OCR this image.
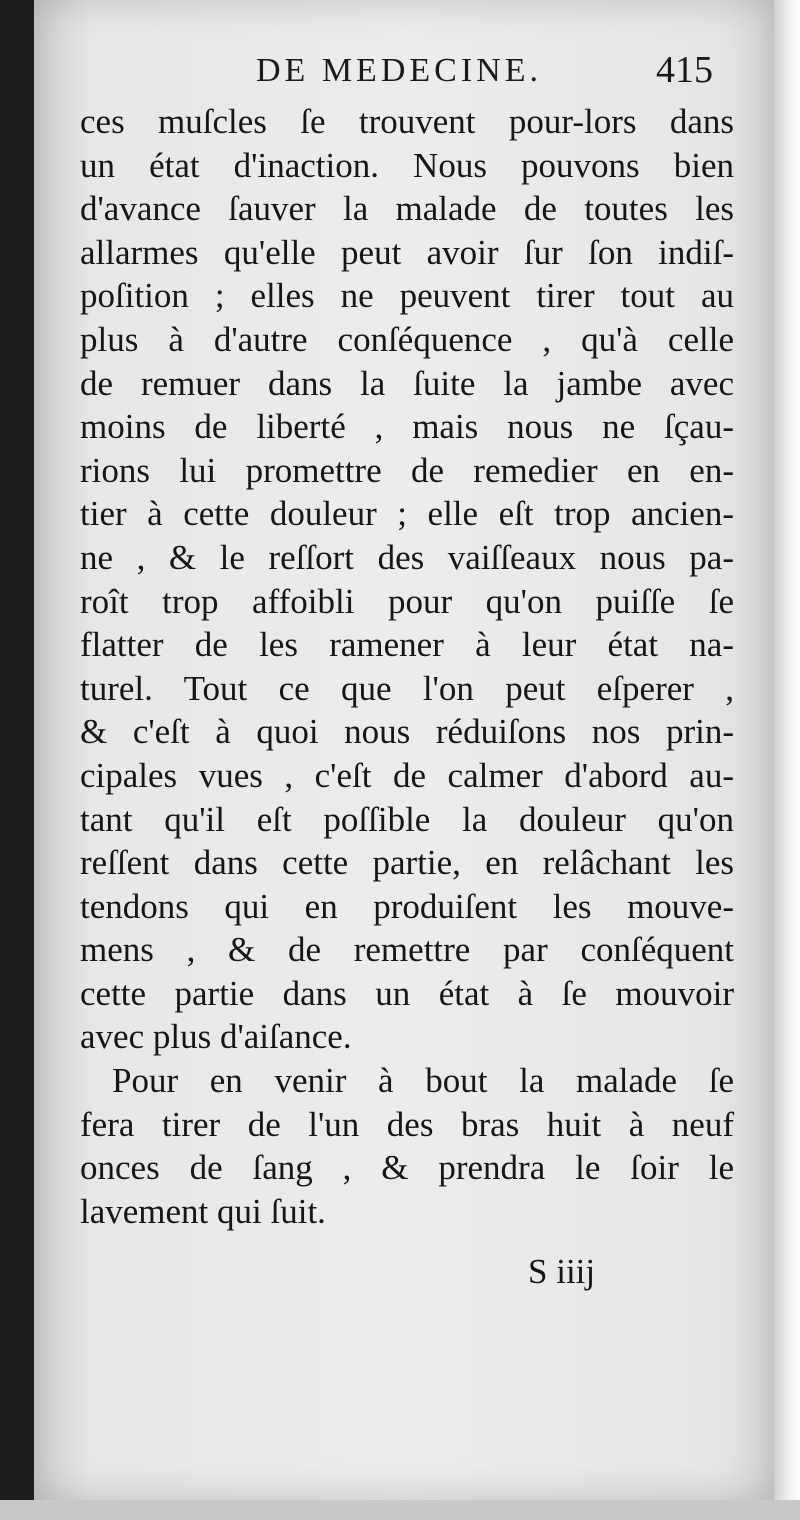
DE MEDECINE.	415
ces muſcles ſe trouvent pour-lors dans
un état d'inaction. Nous pouvons bien
d'avance ſauver la malade de toutes les
allarmes qu'elle peut avoir ſur ſon indiſ-
poſition ; elles ne peuvent tirer tout au
plus à d'autre conſéquence , qu'à celle
de remuer dans la ſuite la jambe avec
moins de liberté , mais nous ne ſçau-
rions lui promettre de remedier en en-
tier à cette douleur ; elle eſt trop ancien-
ne , & le reſſort des vaiſſeaux nous pa-
roît trop affoibli pour qu'on puiſſe ſe
flatter de les ramener à leur état na-
turel. Tout ce que l'on peut eſperer ,
& c'eſt à quoi nous réduiſons nos prin-
cipales vues , c'eſt de calmer d'abord au-
tant qu'il eſt poſſible la douleur qu'on
reſſent dans cette partie, en relâchant les
tendons qui en produiſent les mouve-
mens , & de remettre par conſéquent
cette partie dans un état à ſe mouvoir
avec plus d'aiſance.
Pour en venir à bout la malade ſe
fera tirer de l'un des bras huit à neuf
onces de ſang , & prendra le ſoir le
lavement qui ſuit.
S iiij
